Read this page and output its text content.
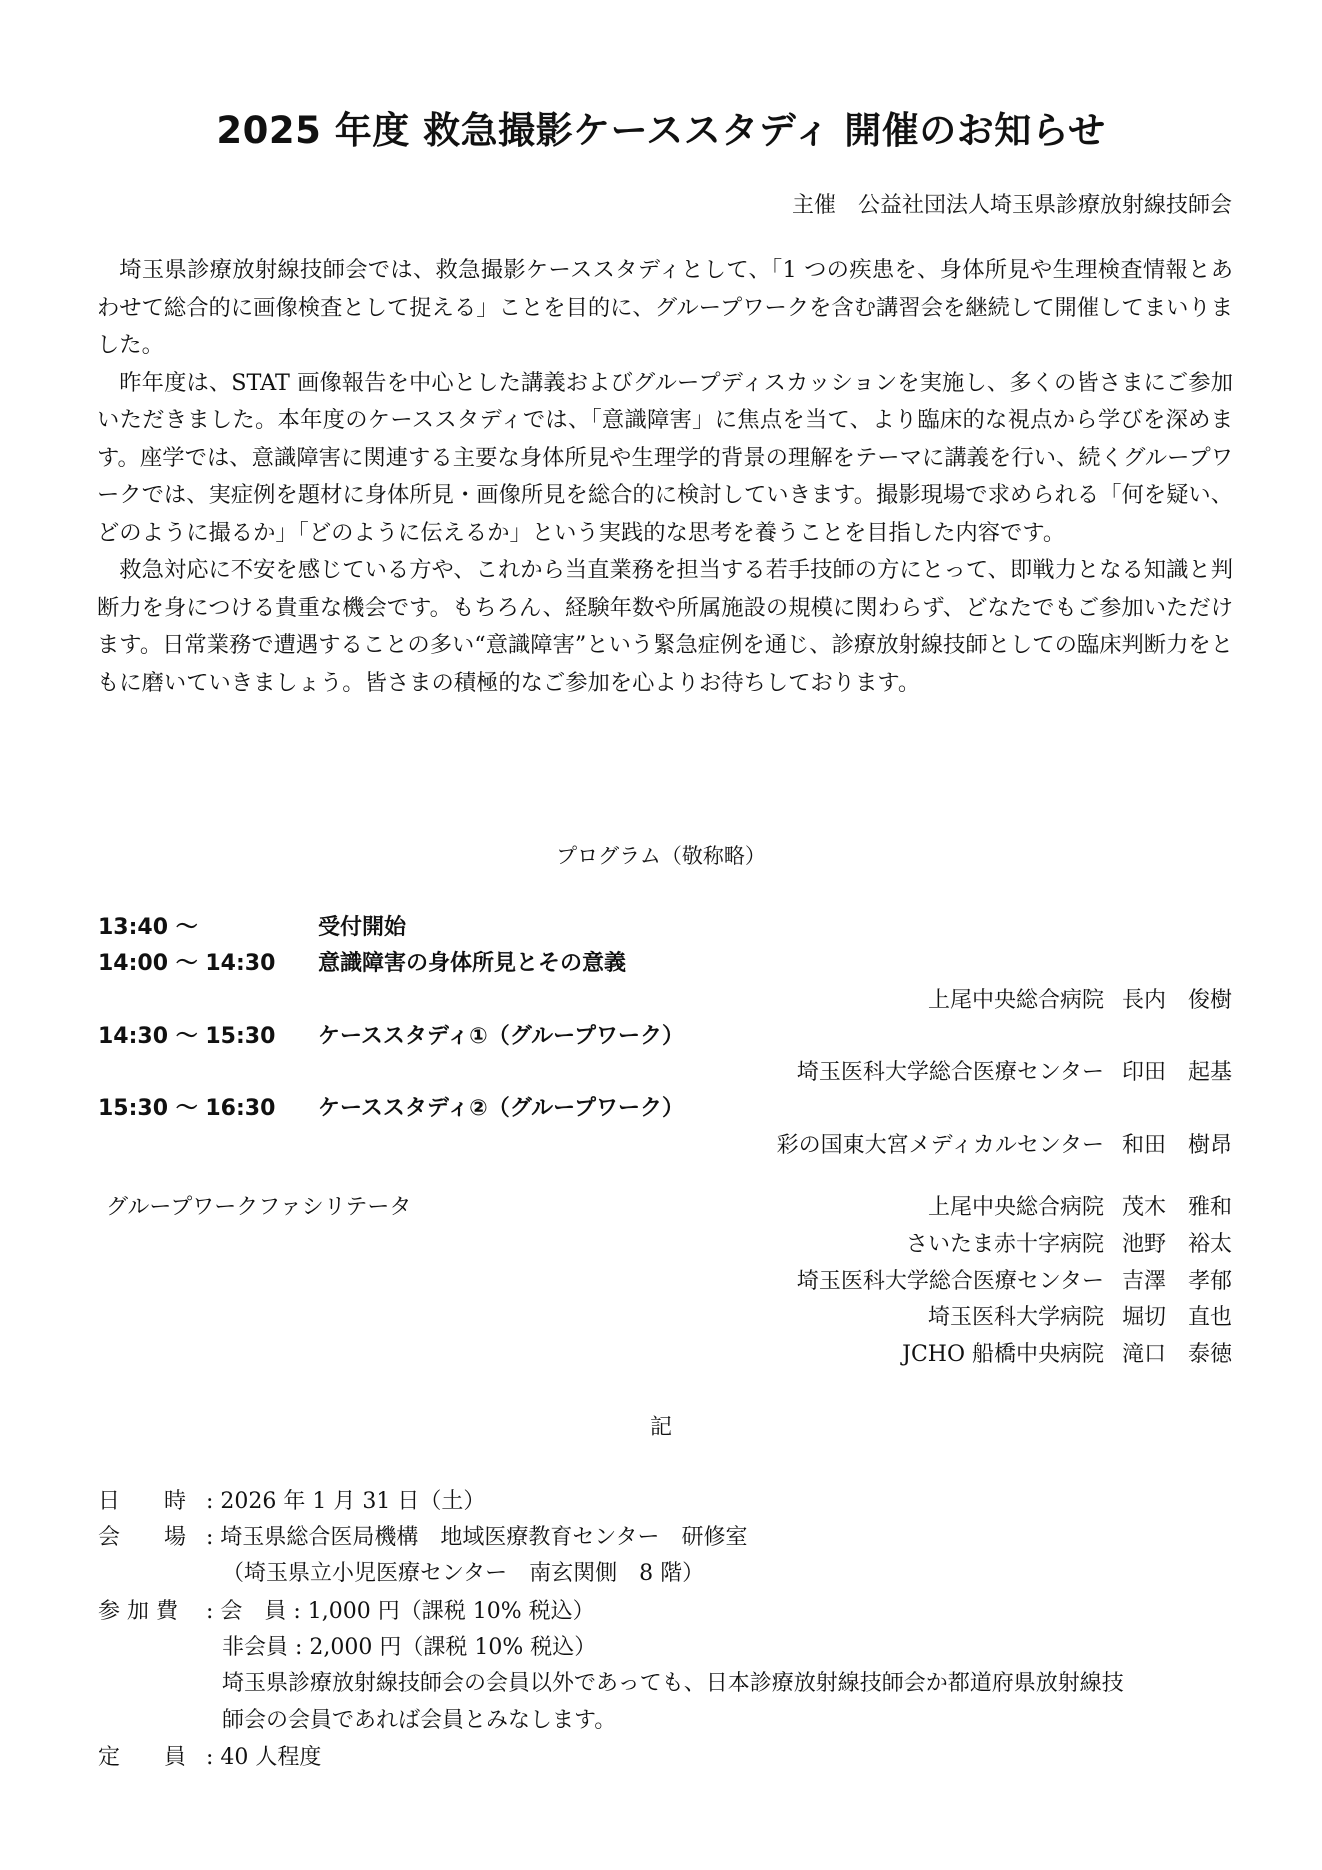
2025 年度 救急撮影ケーススタディ 開催のお知らせ
主催　公益社団法人埼玉県診療放射線技師会

埼玉県診療放射線技師会では、救急撮影ケーススタディとして、「1 つの疾患を、身体所見や生理検査情報とあわせて総合的に画像検査として捉える」ことを目的に、グループワークを含む講習会を継続して開催してまいりました。

昨年度は、STAT 画像報告を中心とした講義およびグループディスカッションを実施し、多くの皆さまにご参加いただきました。本年度のケーススタディでは、「意識障害」に焦点を当て、より臨床的な視点から学びを深めます。座学では、意識障害に関連する主要な身体所見や生理学的背景の理解をテーマに講義を行い、続くグループワークでは、実症例を題材に身体所見・画像所見を総合的に検討していきます。撮影現場で求められる「何を疑い、どのように撮るか」「どのように伝えるか」という実践的な思考を養うことを目指した内容です。

救急対応に不安を感じている方や、これから当直業務を担当する若手技師の方にとって、即戦力となる知識と判断力を身につける貴重な機会です。もちろん、経験年数や所属施設の規模に関わらず、どなたでもご参加いただけます。日常業務で遭遇することの多い“意識障害”という緊急症例を通じ、診療放射線技師としての臨床判断力をともに磨いていきましょう。皆さまの積極的なご参加を心よりお待ちしております。

プログラム（敬称略）
13:40 〜	受付開始
14:00 〜 14:30 意識障害の身体所見とその意義
上尾中央総合病院 長内　俊樹
14:30 〜 15:30 ケーススタディ①（グループワーク）
埼玉医科大学総合医療センター 印田　起基
15:30 〜 16:30 ケーススタディ②（グループワーク）
彩の国東大宮メディカルセンター 和田　樹昂
グループワークファシリテータ	上尾中央総合病院 茂木　雅和
さいたま赤十字病院 池野　裕太
埼玉医科大学総合医療センター 吉澤　孝郁
埼玉医科大学病院 堀切　直也
JCHO 船橋中央病院 滝口　泰徳
記
日　　時 : 2026 年 1 月 31 日（土）
会　　場 : 埼玉県総合医局機構　地域医療教育センター　研修室
（埼玉県立小児医療センター　南玄関側　8 階）
参 加 費 : 会　員 : 1,000 円（課税 10% 税込）
非会員 : 2,000 円（課税 10% 税込）
埼玉県診療放射線技師会の会員以外であっても、日本診療放射線技師会か都道府県放射線技
師会の会員であれば会員とみなします。
定　　員 : 40 人程度
